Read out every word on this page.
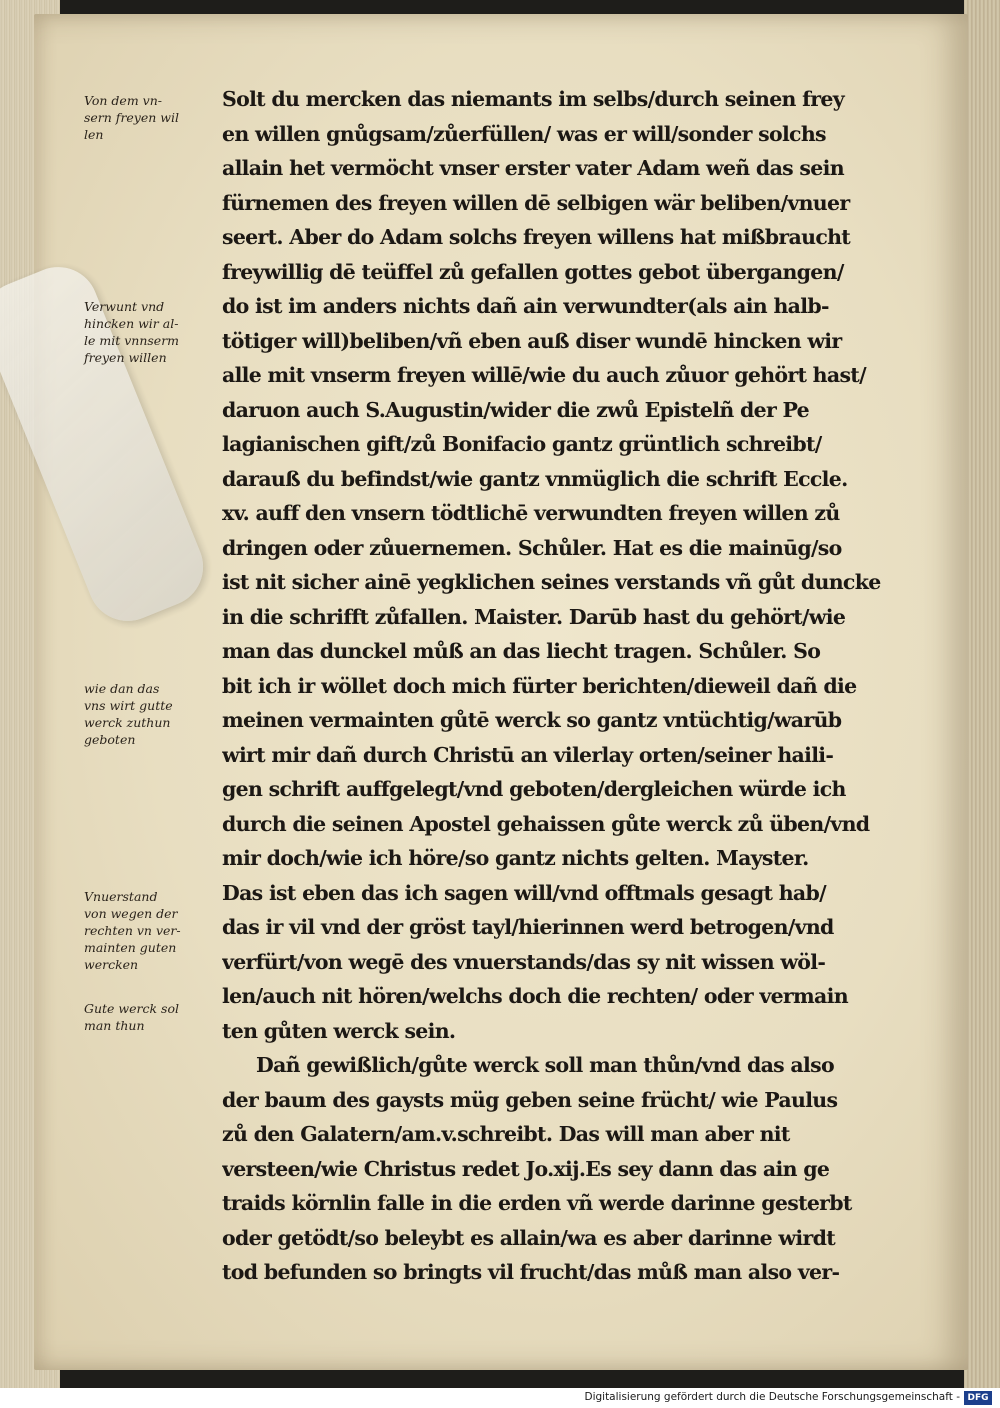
Von dem vn-
sern freyen wil
len
Verwunt vnd
hincken wir al-
le mit vnnserm
freyen willen
wie dan das
vns wirt gutte
werck zuthun
geboten
Vnuerstand
von wegen der
rechten vn ver-
mainten guten
wercken
Gute werck sol
man thun
Solt du mercken das niemants im selbs/durch seinen frey
en willen gnůgsam/zůerfüllen/ was er will/sonder solchs
allain het vermöcht vnser erster vater Adam weñ das sein
fürnemen des freyen willen dē selbigen wär beliben/vnuer
seert. Aber do Adam solchs freyen willens hat mißbraucht
freywillig dē teüffel zů gefallen gottes gebot übergangen/
do ist im anders nichts dañ ain verwundter(als ain halb-
tötiger will)beliben/vñ eben auß diser wundē hincken wir
alle mit vnserm freyen willē/wie du auch zůuor gehört hast/
daruon auch S.Augustin/wider die zwů Epistelñ der Pe
lagianischen gift/zů Bonifacio gantz grüntlich schreibt/
darauß du befindst/wie gantz vnmüglich die schrift Eccle.
xv. auff den vnsern tödtlichē verwundten freyen willen zů
dringen oder zůuernemen. Schůler. Hat es die mainūg/so
ist nit sicher ainē yegklichen seines verstands vñ gůt duncke
in die schrifft zůfallen. Maister. Darūb hast du gehört/wie
man das dunckel můß an das liecht tragen. Schůler. So
bit ich ir wöllet doch mich fürter berichten/dieweil dañ die
meinen vermainten gůtē werck so gantz vntüchtig/warūb
wirt mir dañ durch Christū an vilerlay orten/seiner haili-
gen schrift auffgelegt/vnd geboten/dergleichen würde ich
durch die seinen Apostel gehaissen gůte werck zů üben/vnd
mir doch/wie ich höre/so gantz nichts gelten. Mayster.
Das ist eben das ich sagen will/vnd offtmals gesagt hab/
das ir vil vnd der gröst tayl/hierinnen werd betrogen/vnd
verfürt/von wegē des vnuerstands/das sy nit wissen wöl-
len/auch nit hören/welchs doch die rechten/ oder vermain
ten gůten werck sein.
Dañ gewißlich/gůte werck soll man thůn/vnd das also
der baum des gaysts müg geben seine frücht/ wie Paulus
zů den Galatern/am.v.schreibt. Das will man aber nit
versteen/wie Christus redet Jo.xij.Es sey dann das ain ge
traids körnlin falle in die erden vñ werde darinne gesterbt
oder getödt/so beleybt es allain/wa es aber darinne wirdt
tod befunden so bringts vil frucht/das můß man also ver-
Digitalisierung gefördert durch die Deutsche Forschungsgemeinschaft - DFG
